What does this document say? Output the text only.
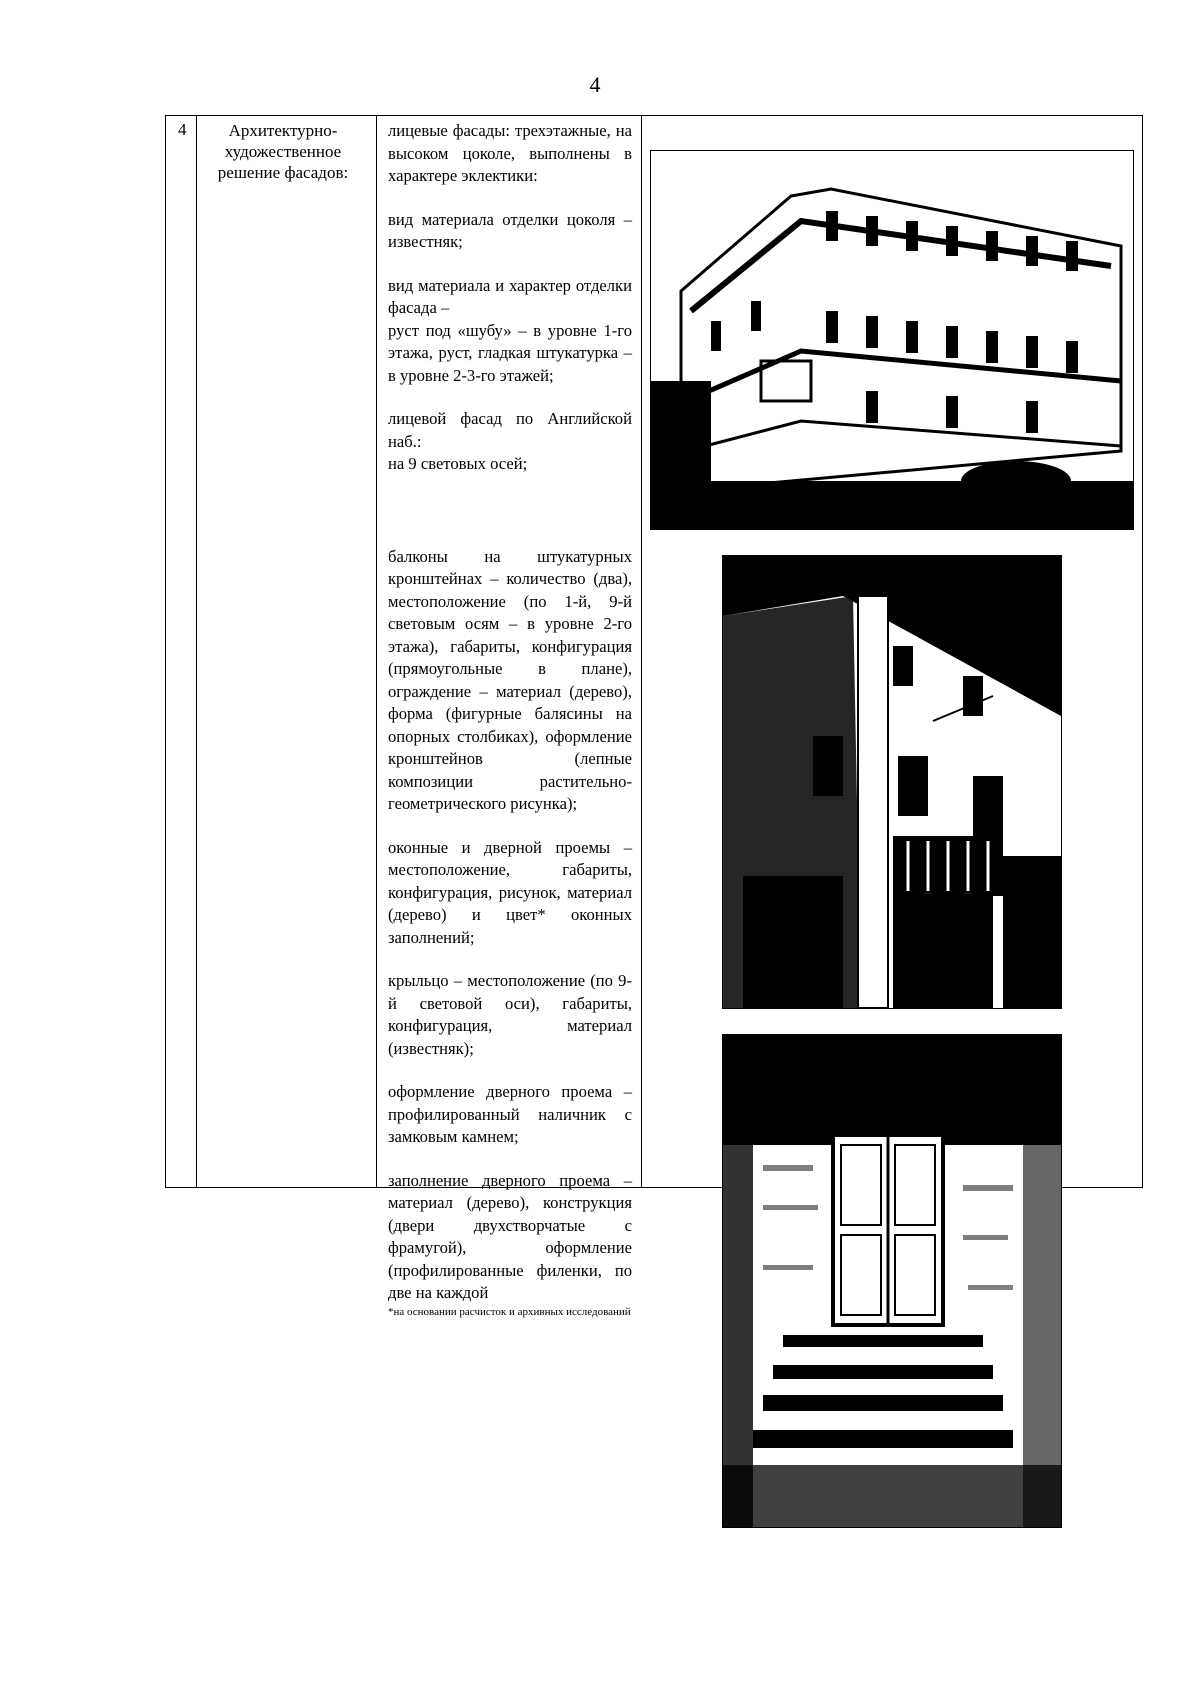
4
4	Архитектурно-
художественное
решение фасадов:

лицевые фасады: трехэтажные, на высоком цоколе, выполнены в характере эклектики:

вид материала отделки цоколя – известняк;

вид материала и характер отделки фасада –
руст под «шубу» – в уровне 1-го этажа, руст, гладкая штукатурка – в уровне 2-3-го этажей;

лицевой фасад по Английской наб.:
на 9 световых осей;

балконы на штукатурных кронштейнах – количество (два), местоположение (по 1-й, 9-й световым осям – в уровне 2-го этажа), габариты, конфигурация (прямоугольные в плане), ограждение – материал (дерево), форма (фигурные балясины на опорных столбиках), оформление кронштейнов (лепные композиции растительно-геометрического рисунка);

оконные и дверной проемы – местоположение, габариты, конфигурация, рисунок, материал (дерево) и цвет* оконных заполнений;

крыльцо – местоположение (по 9-й световой оси), габариты, конфигурация, материал (известняк);

оформление дверного проема – профилированный наличник с замковым камнем;

заполнение дверного проема – материал (дерево), конструкция (двери двухстворчатые с фрамугой), оформление (профилированные филенки, по две на каждой

*на основании расчисток и архивных исследований
